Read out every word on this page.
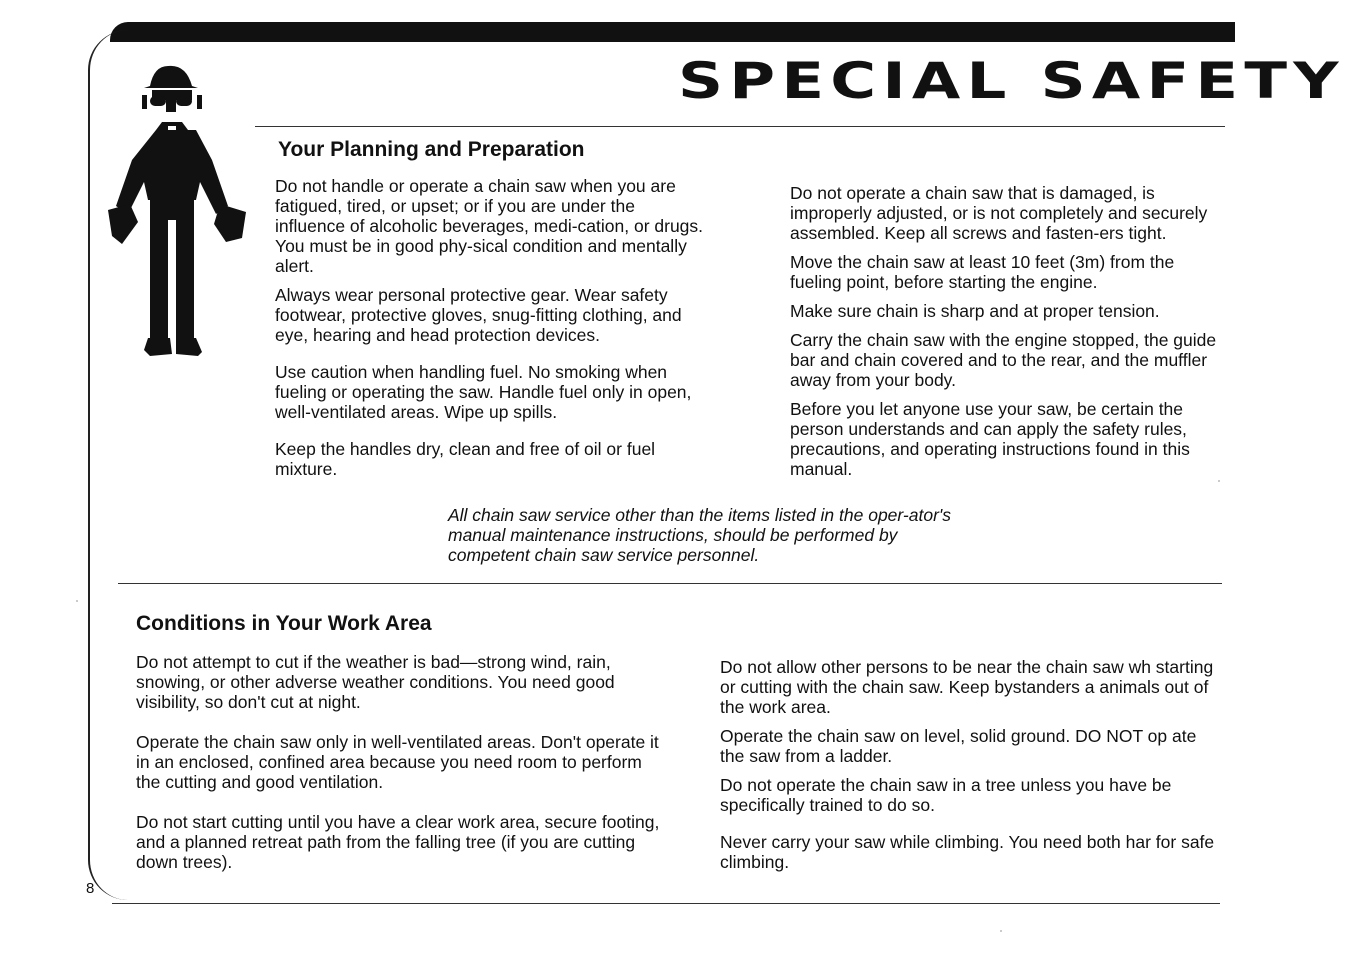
SPECIAL SAFETY
Your Planning and Preparation

Do not handle or operate a chain saw when you are fatigued, tired, or upset; or if you are under the influence of alcoholic beverages, medi-cation, or drugs. You must be in good phy-sical condition and mentally alert.

Always wear personal protective gear. Wear safety footwear, protective gloves, snug-fitting clothing, and eye, hearing and head protection devices.

Use caution when handling fuel. No smoking when fueling or operating the saw. Handle fuel only in open, well-ventilated areas. Wipe up spills.

Keep the handles dry, clean and free of oil or fuel mixture.

Do not operate a chain saw that is damaged, is improperly adjusted, or is not completely and securely assembled. Keep all screws and fasten-ers tight.

Move the chain saw at least 10 feet (3m) from the fueling point, before starting the engine.

Make sure chain is sharp and at proper tension.

Carry the chain saw with the engine stopped, the guide bar and chain covered and to the rear, and the muffler away from your body.

Before you let anyone use your saw, be certain the person understands and can apply the safety rules, precautions, and operating instructions found in this manual.

All chain saw service other than the items listed in the oper-ator's manual maintenance instructions, should be performed by competent chain saw service personnel.
Conditions in Your Work Area

Do not attempt to cut if the weather is bad—strong wind, rain, snowing, or other adverse weather conditions. You need good visibility, so don't cut at night.

Operate the chain saw only in well-ventilated areas. Don't operate it in an enclosed, confined area because you need room to perform the cutting and good ventilation.

Do not start cutting until you have a clear work area, secure footing, and a planned retreat path from the falling tree (if you are cutting down trees).

Do not allow other persons to be near the chain saw wh starting or cutting with the chain saw. Keep bystanders a animals out of the work area.

Operate the chain saw on level, solid ground. DO NOT op ate the saw from a ladder.

Do not operate the chain saw in a tree unless you have be specifically trained to do so.

Never carry your saw while climbing. You need both har for safe climbing.

8
